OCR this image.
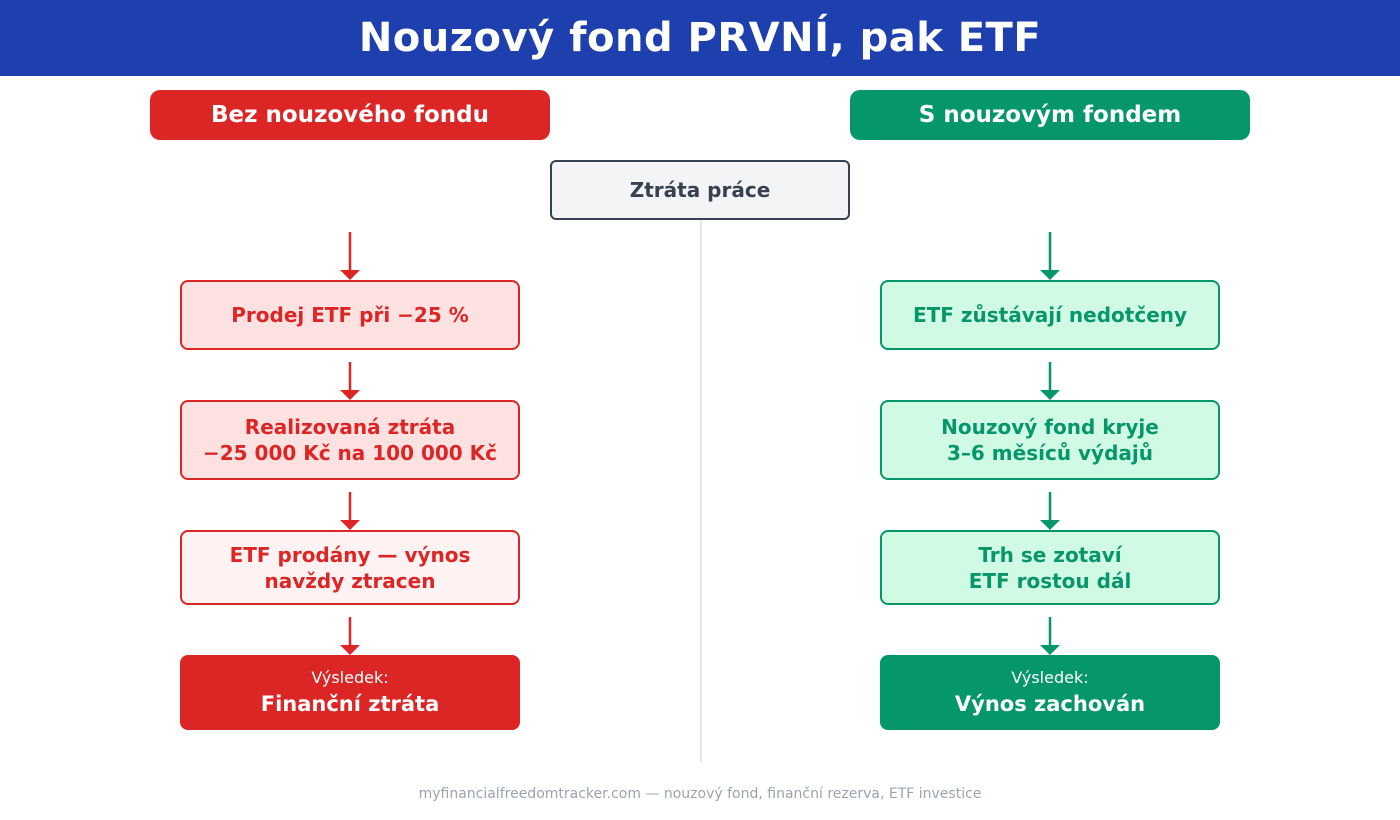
Nouzový fond PRVNÍ, pak ETF
Bez nouzového fondu	S nouzovým fondem
Ztráta práce
Prodej ETF při −25 %
Realizovaná ztráta
−25 000 Kč na 100 000 Kč
ETF prodány — výnos
navždy ztracen
Výsledek:
Finanční ztráta
ETF zůstávají nedotčeny
Nouzový fond kryje
3–6 měsíců výdajů
Trh se zotaví
ETF rostou dál
Výsledek:
Výnos zachován
myfinancialfreedomtracker.com — nouzový fond, finanční rezerva, ETF investice
